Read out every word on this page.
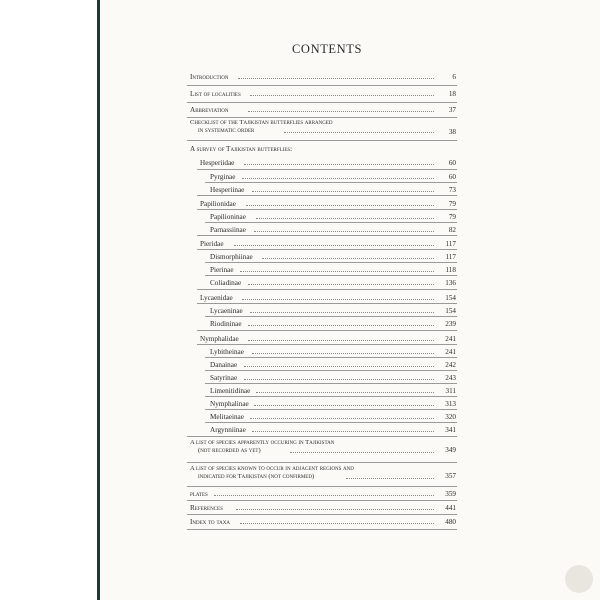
CONTENTS
Introduction	6
List of localities	18
Abbreviation	37
Checklist of the Tajikistan butterflies arranged
in systematic order	38
A survey of Tajikistan butterflies:
Hesperiidae	60
Pyrginae	60
Hesperiinae	73
Papilionidae	79
Papilioninae	79
Parnassiinae	82
Pieridae	117
Dismorphiinae	117
Pierinae	118
Coliadinae	136
Lycaenidae	154
Lycaeninae	154
Riodininae	239
Nymphalidae	241
Lybitheinae	241
Danainae	242
Satyrinae	243
Limenitidinae	311
Nymphalinae	313
Melitaeinae	320
Argynniinae	341
A list of species apparently occuring in Tajikistan
(not recorded as yet)	349
A list of species known to occur in adjacent regions and
indicated for Tajikistan (not confirmed)	357
plates	359
References	441
Index to taxa	480
